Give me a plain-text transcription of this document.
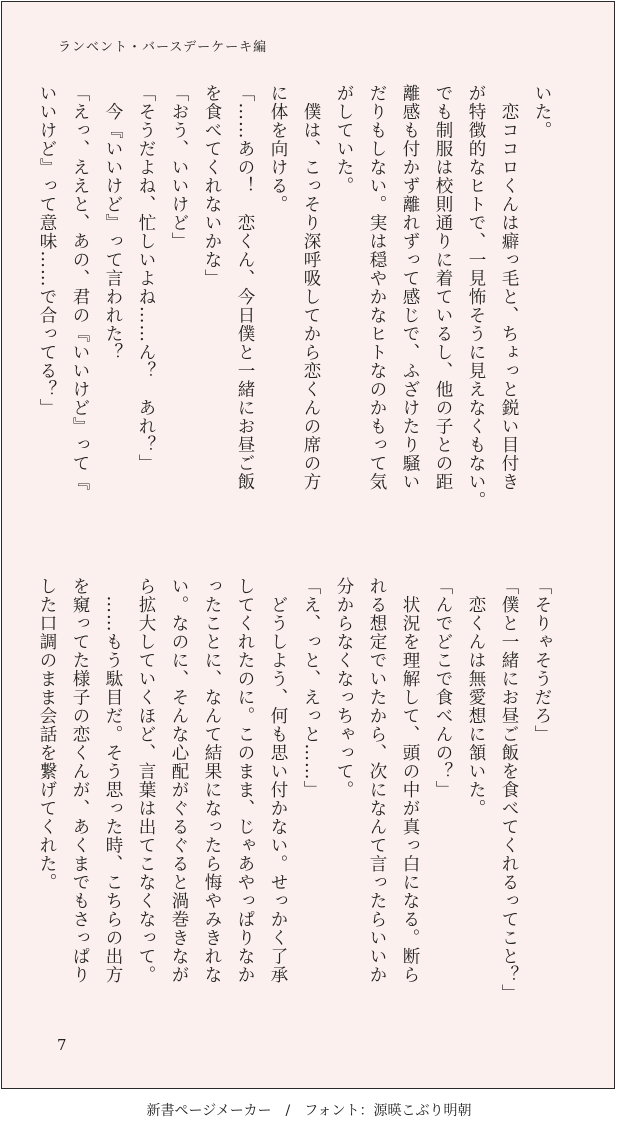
ランベント・バースデーケーキ編
いた。
　恋ココロくんは癖っ毛と、ちょっと鋭い目付き
が特徴的なヒトで、一見怖そうに見えなくもない。
でも制服は校則通りに着ているし、他の子との距
離感も付かず離れずって感じで、ふざけたり騒い
だりもしない。実は穏やかなヒトなのかもって気
がしていた。
　僕は、こっそり深呼吸してから恋くんの席の方
に体を向ける。
「……あの！　恋くん、今日僕と一緒にお昼ご飯
を食べてくれないかな」
「おう、いいけど」
「そうだよね、忙しいよね……ん？　あれ？」
　今『いいけど』って言われた？
「えっ、ええと、あの、君の『いいけど』って『
いいけど』って意味……で合ってる？」
「そりゃそうだろ」
「僕と一緒にお昼ご飯を食べてくれるってこと？」
　恋くんは無愛想に頷いた。
「んでどこで食べんの？」
　状況を理解して、頭の中が真っ白になる。断ら
れる想定でいたから、次になんて言ったらいいか
分からなくなっちゃって。
「え、っと、えっと……」
　どうしよう、何も思い付かない。せっかく了承
してくれたのに。このまま、じゃあやっぱりなか
ったことに、なんて結果になったら悔やみきれな
い。なのに、そんな心配がぐるぐると渦巻きなが
ら拡大していくほど、言葉は出てこなくなって。
　……もう駄目だ。そう思った時、こちらの出方
を窺ってた様子の恋くんが、あくまでもさっぱり
した口調のまま会話を繋げてくれた。
7
新書ページメーカー　/　フォント：源暎こぶり明朝
